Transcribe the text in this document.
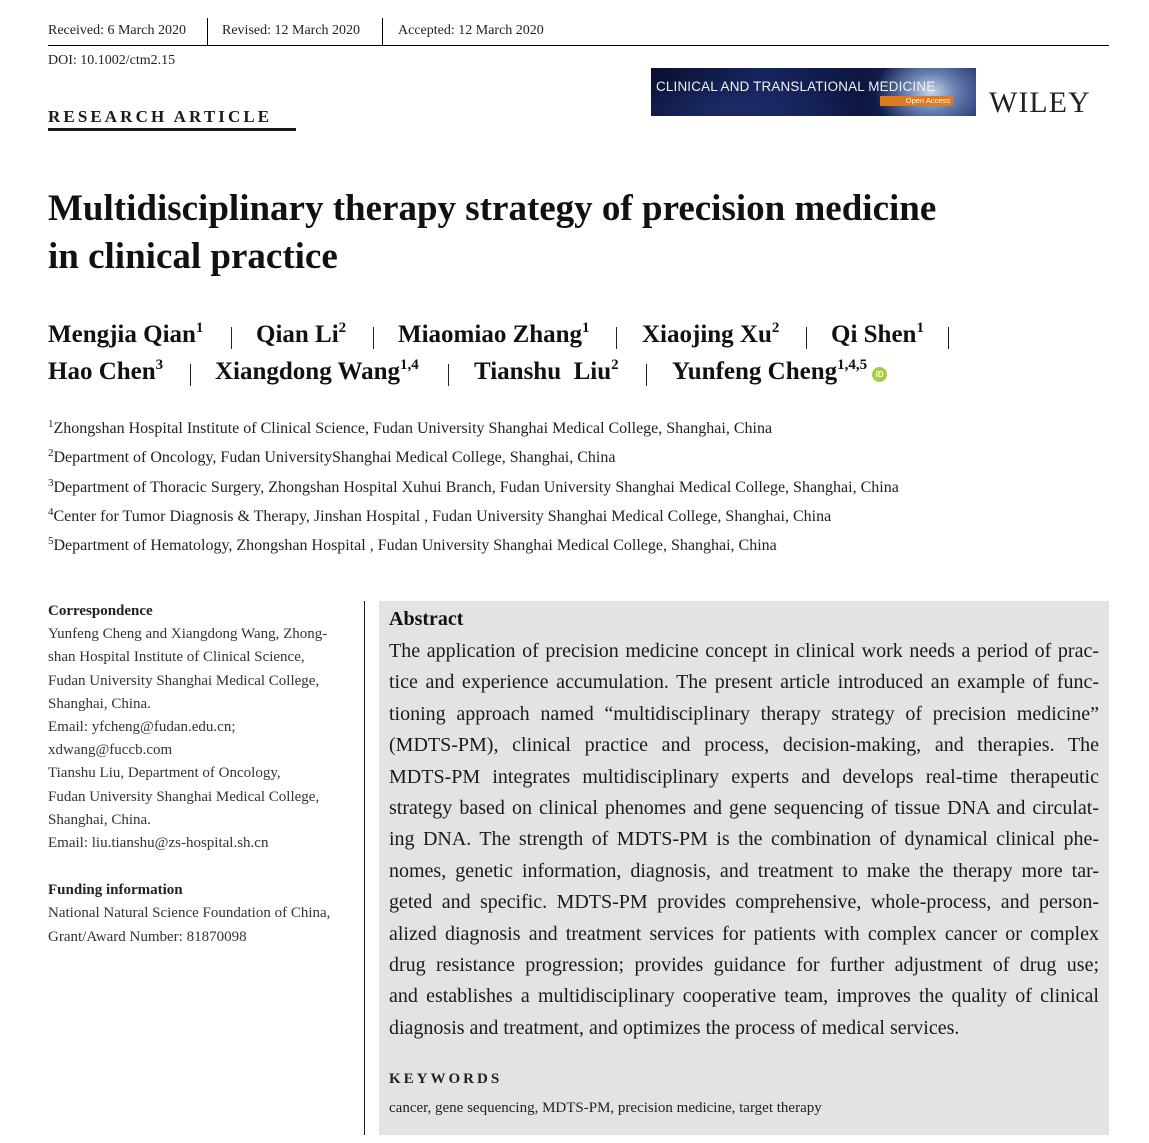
Received: 6 March 2020	Revised: 12 March 2020	Accepted: 12 March 2020
DOI: 10.1002/ctm2.15
RESEARCH ARTICLE
CLINICAL AND TRANSLATIONAL MEDICINE
Open Access WILEY
Multidisciplinary therapy strategy of precision medicine
in clinical practice
Mengjia Qian$^1$ Qian Li$^2$ Miaomiao Zhang$^1$ Xiaojing Xu$^2$ Qi Shen$^1$
Hao Chen$^3$ Xiangdong Wang$^{1,4}$ Tianshu  Liu$^2$ Yunfeng Cheng$^{1,4,5}$iD
$^1$Zhongshan Hospital Institute of Clinical Science, Fudan University Shanghai Medical College, Shanghai, China
$^2$Department of Oncology, Fudan UniversityShanghai Medical College, Shanghai, China
$^3$Department of Thoracic Surgery, Zhongshan Hospital Xuhui Branch, Fudan University Shanghai Medical College, Shanghai, China
$^4$Center for Tumor Diagnosis & Therapy, Jinshan Hospital , Fudan University Shanghai Medical College, Shanghai, China
$^5$Department of Hematology, Zhongshan Hospital , Fudan University Shanghai Medical College, Shanghai, China
Correspondence
Yunfeng Cheng and Xiangdong Wang, Zhong-
shan Hospital Institute of Clinical Science,
Fudan University Shanghai Medical College,
Shanghai, China.
Email: yfcheng@fudan.edu.cn;
xdwang@fuccb.com
Tianshu Liu, Department of Oncology,
Fudan University Shanghai Medical College,
Shanghai, China.
Email: liu.tianshu@zs-hospital.sh.cn
Funding information
National Natural Science Foundation of China,
Grant/Award Number: 81870098
Abstract
The application of precision medicine concept in clinical work needs a period of prac-
tice and experience accumulation. The present article introduced an example of func-
tioning approach named “multidisciplinary therapy strategy of precision medicine”
(MDTS-PM), clinical practice and process, decision-making, and therapies. The
MDTS-PM integrates multidisciplinary experts and develops real-time therapeutic
strategy based on clinical phenomes and gene sequencing of tissue DNA and circulat-
ing DNA. The strength of MDTS-PM is the combination of dynamical clinical phe-
nomes, genetic information, diagnosis, and treatment to make the therapy more tar-
geted and specific. MDTS-PM provides comprehensive, whole-process, and person-
alized diagnosis and treatment services for patients with complex cancer or complex
drug resistance progression; provides guidance for further adjustment of drug use;
and establishes a multidisciplinary cooperative team, improves the quality of clinical
diagnosis and treatment, and optimizes the process of medical services.
KEYWORDS
cancer, gene sequencing, MDTS-PM, precision medicine, target therapy
